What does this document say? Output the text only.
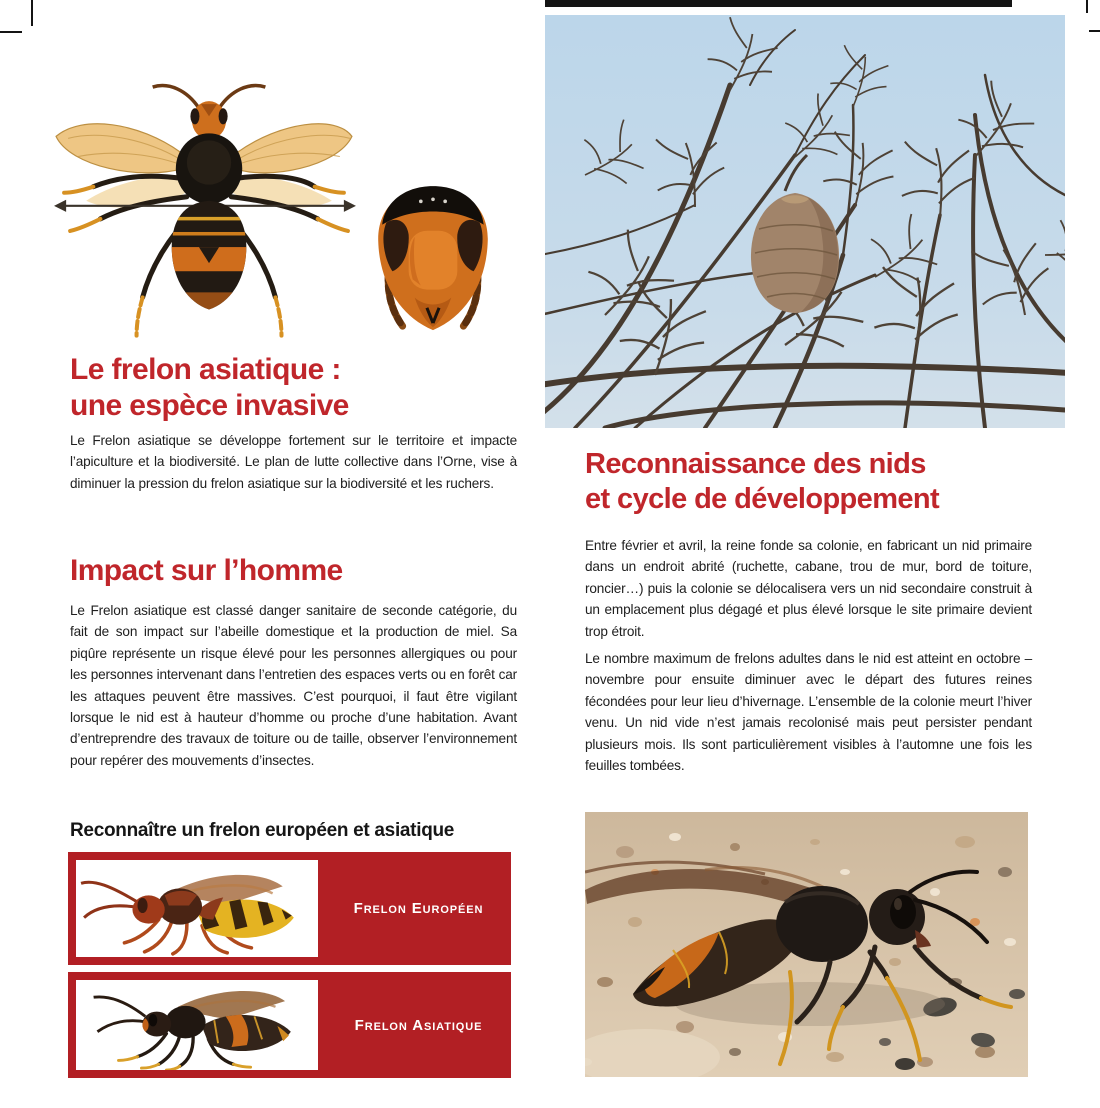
Le frelon asiatique :
une espèce invasive

Le Frelon asiatique se développe fortement sur le territoire et impacte l’apiculture et la biodiversité. Le plan de lutte collective dans l’Orne, vise à diminuer la pression du frelon asiatique sur la biodiversité et les ruchers.

Impact sur l’homme

Le Frelon asiatique est classé danger sanitaire de seconde catégorie, du fait de son impact sur l’abeille domestique et la production de miel. Sa piqûre représente un risque élevé pour les personnes allergiques ou pour les personnes intervenant dans l’entretien des espaces verts ou en forêt car les attaques peuvent être massives. C’est pourquoi, il faut être vigilant lorsque le nid est à hauteur d’homme ou proche d’une habitation. Avant d’entreprendre des travaux de toiture ou de taille, observer l’environnement pour repérer des mouvements d’insectes.

Reconnaître un frelon européen et asiatique
Frelon Européen
Frelon Asiatique
Reconnaissance des nids
et cycle de développement

Entre février et avril, la reine fonde sa colonie, en fabricant un nid primaire dans un endroit abrité (ruchette, cabane, trou de mur, bord de toiture, roncier…) puis la colonie se délocalisera vers un nid secondaire construit à un emplacement plus dégagé et plus élevé lorsque le site primaire devient trop étroit.

Le nombre maximum de frelons adultes dans le nid est atteint en octobre – novembre pour ensuite diminuer avec le départ des futures reines fécondées pour leur lieu d’hivernage. L’ensemble de la colonie meurt l’hiver venu. Un nid vide n’est jamais recolonisé mais peut persister pendant plusieurs mois. Ils sont particulièrement visibles à l’automne une fois les feuilles tombées.
